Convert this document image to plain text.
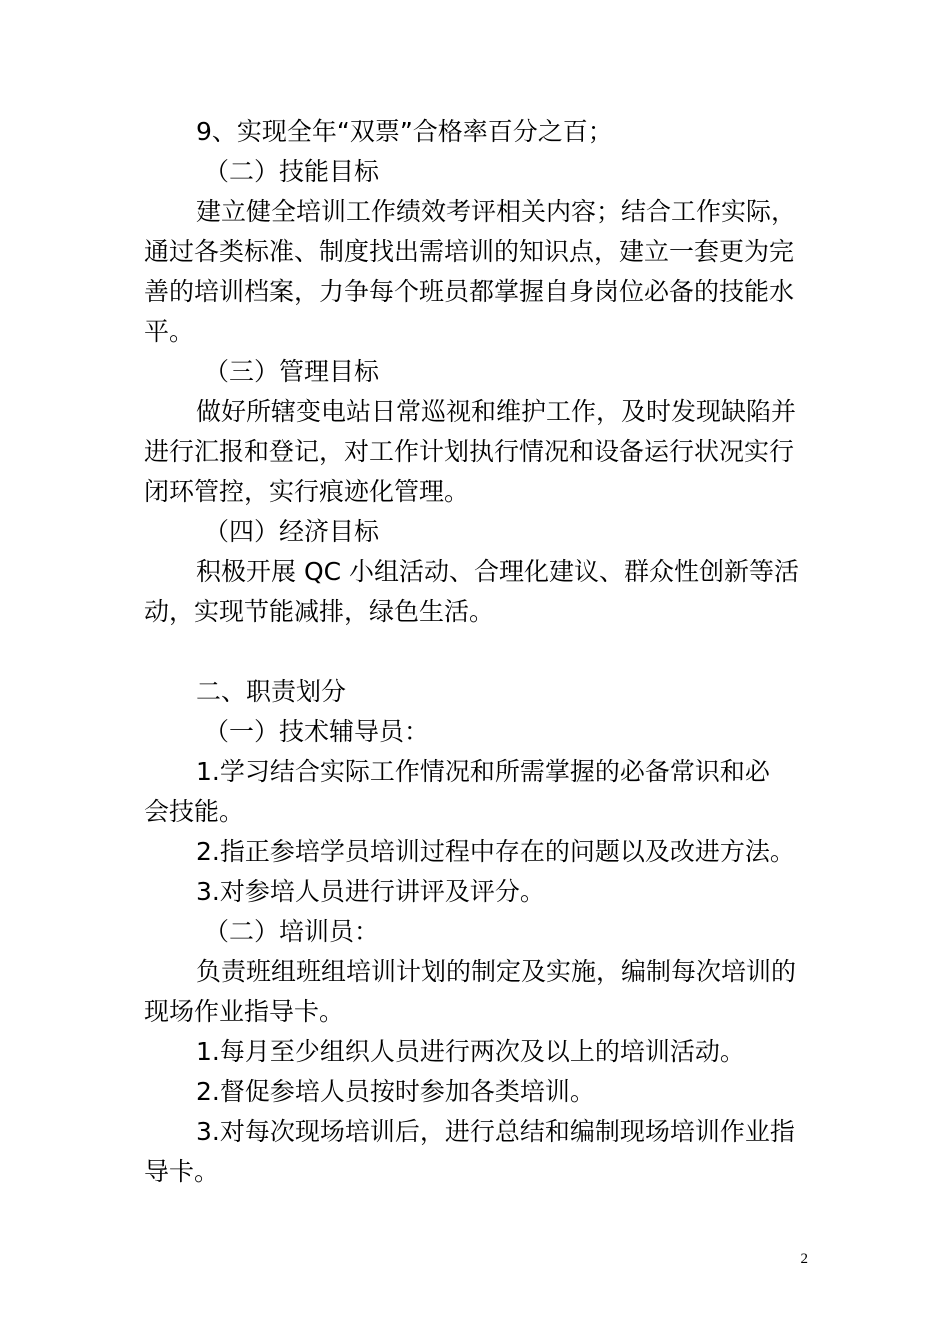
9、实现全年“双票”合格率百分之百；
（二）技能目标
建立健全培训工作绩效考评相关内容；结合工作实际，
通过各类标准、制度找出需培训的知识点，建立一套更为完
善的培训档案，力争每个班员都掌握自身岗位必备的技能水
平。
（三）管理目标
做好所辖变电站日常巡视和维护工作，及时发现缺陷并
进行汇报和登记，对工作计划执行情况和设备运行状况实行
闭环管控，实行痕迹化管理。
（四）经济目标
积极开展 QC 小组活动、合理化建议、群众性创新等活
动，实现节能减排，绿色生活。
二、职责划分
（一）技术辅导员：
1.学习结合实际工作情况和所需掌握的必备常识和必
会技能。
2.指正参培学员培训过程中存在的问题以及改进方法。
3.对参培人员进行讲评及评分。
（二）培训员：
负责班组班组培训计划的制定及实施，编制每次培训的
现场作业指导卡。
1.每月至少组织人员进行两次及以上的培训活动。
2.督促参培人员按时参加各类培训。
3.对每次现场培训后，进行总结和编制现场培训作业指
导卡。
2
